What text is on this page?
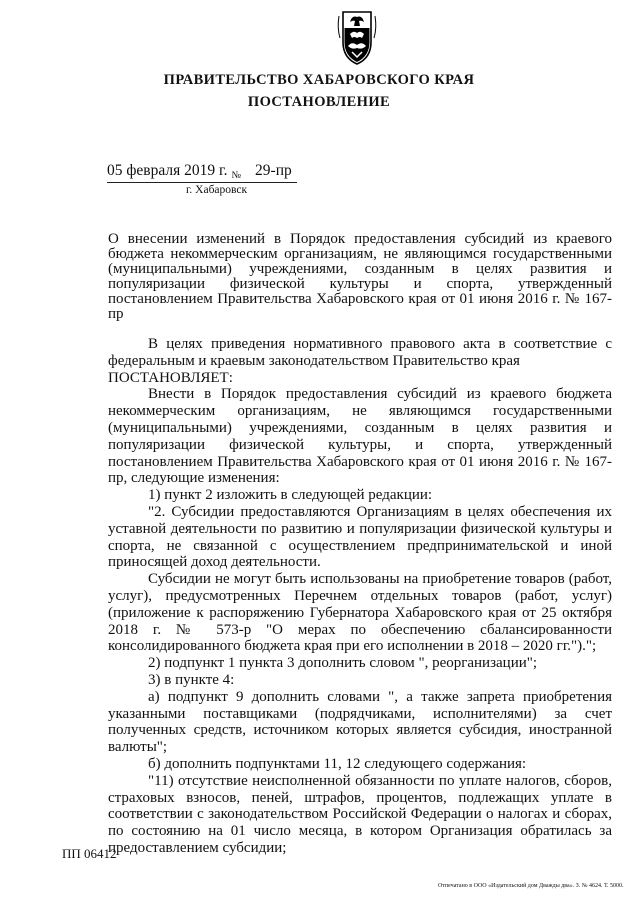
ПРАВИТЕЛЬСТВО ХАБАРОВСКОГО КРАЯ
ПОСТАНОВЛЕНИЕ
05 февраля 2019 г. № 29-пр
г. Хабаровск
О внесении изменений в Порядок предоставления субсидий из краевого бюджета некоммерческим организациям, не являющимся государственными (муниципальными) учреждениями, созданным в целях развития и популяризации физической культуры и спорта, утвержденный постановлением Правительства Хабаровского края от 01 июня 2016 г. № 167-пр

В целях приведения нормативного правового акта в соответствие с федеральным и краевым законодательством Правительство края

ПОСТАНОВЛЯЕТ:

Внести в Порядок предоставления субсидий из краевого бюджета некоммерческим организациям, не являющимся государственными (муниципальными) учреждениями, созданным в целях развития и популяризации физической культуры, и спорта, утвержденный постановлением Правительства Хабаровского края от 01 июня 2016 г. № 167-пр, следующие изменения:

1) пункт 2 изложить в следующей редакции:

"2. Субсидии предоставляются Организациям в целях обеспечения их уставной деятельности по развитию и популяризации физической культуры и спорта, не связанной с осуществлением предпринимательской и иной приносящей доход деятельности.

Субсидии не могут быть использованы на приобретение товаров (работ, услуг), предусмотренных Перечнем отдельных товаров (работ, услуг) (приложение к распоряжению Губернатора Хабаровского края от 25 октября 2018 г. № 573-р "О мерах по обеспечению сбалансированности консолидированного бюджета края при его исполнении в 2018 – 2020 гг.").";

2) подпункт 1 пункта 3 дополнить словом ", реорганизации";

3) в пункте 4:

а) подпункт 9 дополнить словами ", а также запрета приобретения указанными поставщиками (подрядчиками, исполнителями) за счет полученных средств, источником которых является субсидия, иностранной валюты";

б) дополнить подпунктами 11, 12 следующего содержания:

"11) отсутствие неисполненной обязанности по уплате налогов, сборов, страховых взносов, пеней, штрафов, процентов, подлежащих уплате в соответствии с законодательством Российской Федерации о налогах и сборах, по состоянию на 01 число месяца, в котором Организация обратилась за предоставлением субсидии;

ПП 06412
Отпечатано в ООО «Издательский дом Дважды два». З. № 4624. Т. 5000.
